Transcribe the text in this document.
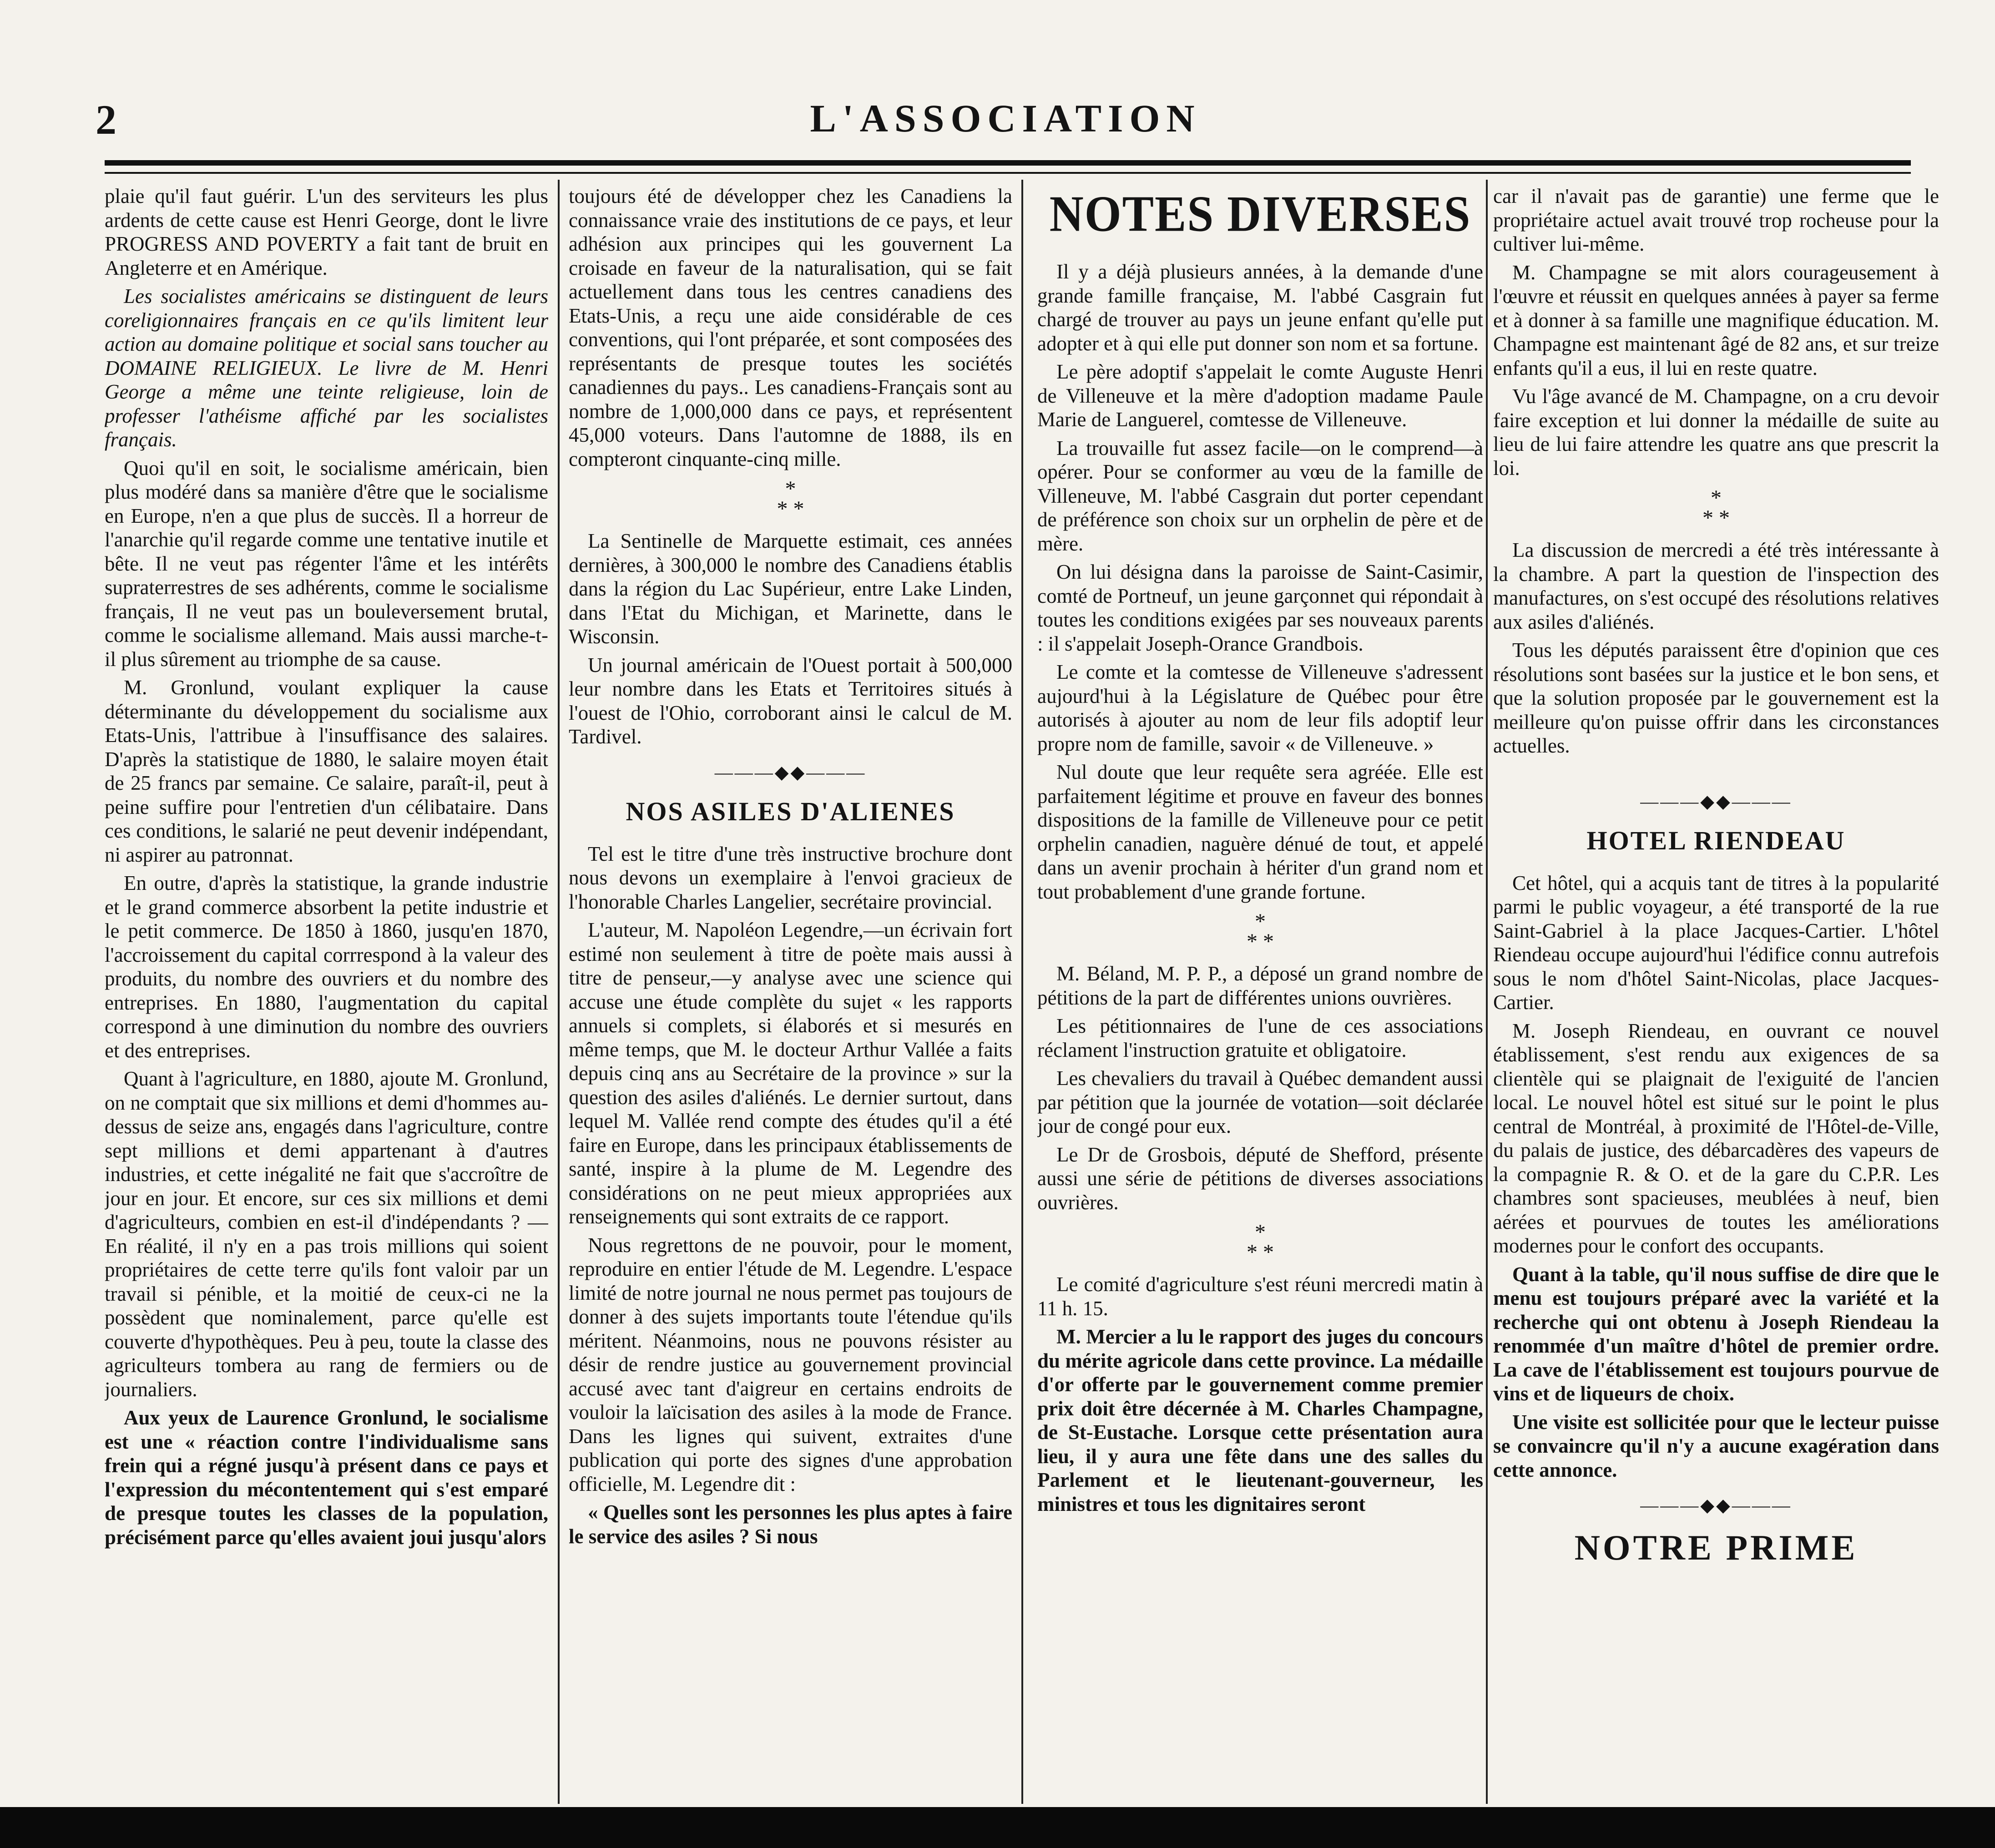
2	L'ASSOCIATION

plaie qu'il faut guérir. L'un des serviteurs les plus ardents de cette cause est Henri George, dont le livre PROGRESS AND POVERTY a fait tant de bruit en Angleterre et en Amérique.

Les socialistes américains se distinguent de leurs coreligionnaires français en ce qu'ils limitent leur action au domaine politique et social sans toucher au DOMAINE RELIGIEUX. Le livre de M. Henri George a même une teinte religieuse, loin de professer l'athéisme affiché par les socialistes français.

Quoi qu'il en soit, le socialisme américain, bien plus modéré dans sa manière d'être que le socialisme en Europe, n'en a que plus de succès. Il a horreur de l'anarchie qu'il regarde comme une tentative inutile et bête. Il ne veut pas régenter l'âme et les intérêts supraterrestres de ses adhérents, comme le socialisme français, Il ne veut pas un bouleversement brutal, comme le socialisme allemand. Mais aussi marche-t-il plus sûrement au triomphe de sa cause.

M. Gronlund, voulant expliquer la cause déterminante du développement du socialisme aux Etats-Unis, l'attribue à l'insuffisance des salaires. D'après la statistique de 1880, le salaire moyen était de 25 francs par semaine. Ce salaire, paraît-il, peut à peine suffire pour l'entretien d'un célibataire. Dans ces conditions, le salarié ne peut devenir indépendant, ni aspirer au patronnat.

En outre, d'après la statistique, la grande industrie et le grand commerce absorbent la petite industrie et le petit commerce. De 1850 à 1860, jusqu'en 1870, l'accroissement du capital corrrespond à la valeur des produits, du nombre des ouvriers et du nombre des entreprises. En 1880, l'augmentation du capital correspond à une diminution du nombre des ouvriers et des entreprises.

Quant à l'agriculture, en 1880, ajoute M. Gronlund, on ne comptait que six millions et demi d'hommes au-dessus de seize ans, engagés dans l'agriculture, contre sept millions et demi appartenant à d'autres industries, et cette inégalité ne fait que s'accroître de jour en jour. Et encore, sur ces six millions et demi d'agriculteurs, combien en est-il d'indépendants ? — En réalité, il n'y en a pas trois millions qui soient propriétaires de cette terre qu'ils font valoir par un travail si pénible, et la moitié de ceux-ci ne la possèdent que nominalement, parce qu'elle est couverte d'hypothèques. Peu à peu, toute la classe des agriculteurs tombera au rang de fermiers ou de journaliers.

Aux yeux de Laurence Gronlund, le socialisme est une « réaction contre l'individualisme sans frein qui a régné jusqu'à présent dans ce pays et l'expression du mécontentement qui s'est emparé de presque toutes les classes de la population, précisément parce qu'elles avaient joui jusqu'alors

toujours été de développer chez les Canadiens la connaissance vraie des institutions de ce pays, et leur adhésion aux principes qui les gouvernent La croisade en faveur de la naturalisation, qui se fait actuellement dans tous les centres canadiens des Etats-Unis, a reçu une aide considérable de ces conventions, qui l'ont préparée, et sont composées des représentants de presque toutes les sociétés canadiennes du pays.. Les canadiens-Français sont au nombre de 1,000,000 dans ce pays, et représentent 45,000 voteurs. Dans l'automne de 1888, ils en compteront cinquante-cinq mille.

*
* *

La Sentinelle de Marquette estimait, ces années dernières, à 300,000 le nombre des Canadiens établis dans la région du Lac Supérieur, entre Lake Linden, dans l'Etat du Michigan, et Marinette, dans le Wisconsin.

Un journal américain de l'Ouest portait à 500,000 leur nombre dans les Etats et Territoires situés à l'ouest de l'Ohio, corroborant ainsi le calcul de M. Tardivel.

———◆◆———
NOS ASILES D'ALIENES

Tel est le titre d'une très instructive brochure dont nous devons un exemplaire à l'envoi gracieux de l'honorable Charles Langelier, secrétaire provincial.

L'auteur, M. Napoléon Legendre,—un écrivain fort estimé non seulement à titre de poète mais aussi à titre de penseur,—y analyse avec une science qui accuse une étude complète du sujet « les rapports annuels si complets, si élaborés et si mesurés en même temps, que M. le docteur Arthur Vallée a faits depuis cinq ans au Secrétaire de la province » sur la question des asiles d'aliénés. Le dernier surtout, dans lequel M. Vallée rend compte des études qu'il a été faire en Europe, dans les principaux établissements de santé, inspire à la plume de M. Legendre des considérations on ne peut mieux appropriées aux renseignements qui sont extraits de ce rapport.

Nous regrettons de ne pouvoir, pour le moment, reproduire en entier l'étude de M. Legendre. L'espace limité de notre journal ne nous permet pas toujours de donner à des sujets importants toute l'étendue qu'ils méritent. Néanmoins, nous ne pouvons résister au désir de rendre justice au gouvernement provincial accusé avec tant d'aigreur en certains endroits de vouloir la laïcisation des asiles à la mode de France. Dans les lignes qui suivent, extraites d'une publication qui porte des signes d'une approbation officielle, M. Legendre dit :

« Quelles sont les personnes les plus aptes à faire le service des asiles ? Si nous

NOTES DIVERSES

Il y a déjà plusieurs années, à la demande d'une grande famille française, M. l'abbé Casgrain fut chargé de trouver au pays un jeune enfant qu'elle put adopter et à qui elle put donner son nom et sa fortune.

Le père adoptif s'appelait le comte Auguste Henri de Villeneuve et la mère d'adoption madame Paule Marie de Languerel, comtesse de Villeneuve.

La trouvaille fut assez facile—on le comprend—à opérer. Pour se conformer au vœu de la famille de Villeneuve, M. l'abbé Casgrain dut porter cependant de préférence son choix sur un orphelin de père et de mère.

On lui désigna dans la paroisse de Saint-Casimir, comté de Portneuf, un jeune garçonnet qui répondait à toutes les conditions exigées par ses nouveaux parents : il s'appelait Joseph-Orance Grandbois.

Le comte et la comtesse de Villeneuve s'adressent aujourd'hui à la Législature de Québec pour être autorisés à ajouter au nom de leur fils adoptif leur propre nom de famille, savoir « de Villeneuve. »

Nul doute que leur requête sera agréée. Elle est parfaitement légitime et prouve en faveur des bonnes dispositions de la famille de Villeneuve pour ce petit orphelin canadien, naguère dénué de tout, et appelé dans un avenir prochain à hériter d'un grand nom et tout probablement d'une grande fortune.

*
* *

M. Béland, M. P. P., a déposé un grand nombre de pétitions de la part de différentes unions ouvrières.

Les pétitionnaires de l'une de ces associations réclament l'instruction gratuite et obligatoire.

Les chevaliers du travail à Québec demandent aussi par pétition que la journée de votation—soit déclarée jour de congé pour eux.

Le Dr de Grosbois, député de Shefford, présente aussi une série de pétitions de diverses associations ouvrières.

*
* *

Le comité d'agriculture s'est réuni mercredi matin à 11 h. 15.

M. Mercier a lu le rapport des juges du concours du mérite agricole dans cette province. La médaille d'or offerte par le gouvernement comme premier prix doit être décernée à M. Charles Champagne, de St-Eustache. Lorsque cette présentation aura lieu, il y aura une fête dans une des salles du Parlement et le lieutenant-gouverneur, les ministres et tous les dignitaires seront

car il n'avait pas de garantie) une ferme que le propriétaire actuel avait trouvé trop rocheuse pour la cultiver lui-même.

M. Champagne se mit alors courageusement à l'œuvre et réussit en quelques années à payer sa ferme et à donner à sa famille une magnifique éducation. M. Champagne est maintenant âgé de 82 ans, et sur treize enfants qu'il a eus, il lui en reste quatre.

Vu l'âge avancé de M. Champagne, on a cru devoir faire exception et lui donner la médaille de suite au lieu de lui faire attendre les quatre ans que prescrit la loi.

*
* *

La discussion de mercredi a été très intéressante à la chambre. A part la question de l'inspection des manufactures, on s'est occupé des résolutions relatives aux asiles d'aliénés.

Tous les députés paraissent être d'opinion que ces résolutions sont basées sur la justice et le bon sens, et que la solution proposée par le gouvernement est la meilleure qu'on puisse offrir dans les circonstances actuelles.

———◆◆———
HOTEL RIENDEAU

Cet hôtel, qui a acquis tant de titres à la popularité parmi le public voyageur, a été transporté de la rue Saint-Gabriel à la place Jacques-Cartier. L'hôtel Riendeau occupe aujourd'hui l'édifice connu autrefois sous le nom d'hôtel Saint-Nicolas, place Jacques-Cartier.

M. Joseph Riendeau, en ouvrant ce nouvel établissement, s'est rendu aux exigences de sa clientèle qui se plaignait de l'exiguité de l'ancien local. Le nouvel hôtel est situé sur le point le plus central de Montréal, à proximité de l'Hôtel-de-Ville, du palais de justice, des débarcadères des vapeurs de la compagnie R. & O. et de la gare du C.P.R. Les chambres sont spacieuses, meublées à neuf, bien aérées et pourvues de toutes les améliorations modernes pour le confort des occupants.

Quant à la table, qu'il nous suffise de dire que le menu est toujours préparé avec la variété et la recherche qui ont obtenu à Joseph Riendeau la renommée d'un maître d'hôtel de premier ordre. La cave de l'établissement est toujours pourvue de vins et de liqueurs de choix.

Une visite est sollicitée pour que le lecteur puisse se convaincre qu'il n'y a aucune exagération dans cette annonce.

———◆◆———
NOTRE PRIME
